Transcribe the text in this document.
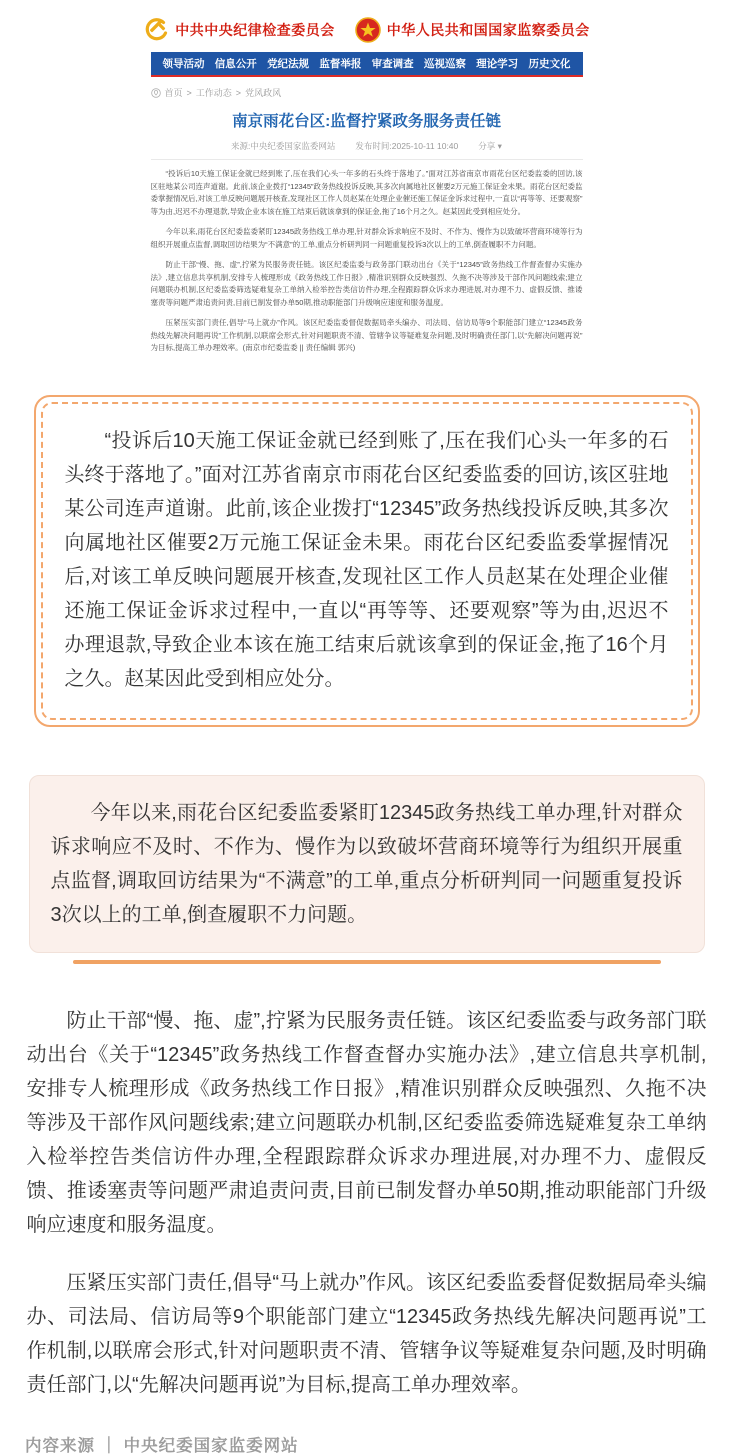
中共中央纪律检查委员会	中华人民共和国国家监察委员会
领导活动 信息公开 党纪法规 监督举报 审查调查 巡视巡察 理论学习 历史文化
首页 > 工作动态 > 党风政风
南京雨花台区:监督拧紧政务服务责任链
来源:中央纪委国家监委网站 发布时间:2025-10-11 10:40 分享 ▾

“投诉后10天施工保证金就已经到账了,压在我们心头一年多的石头终于落地了。”面对江苏省南京市雨花台区纪委监委的回访,该区驻地某公司连声道谢。此前,该企业拨打“12345”政务热线投诉反映,其多次向属地社区催要2万元施工保证金未果。雨花台区纪委监委掌握情况后,对该工单反映问题展开核查,发现社区工作人员赵某在处理企业催还施工保证金诉求过程中,一直以“再等等、还要观察”等为由,迟迟不办理退款,导致企业本该在施工结束后就该拿到的保证金,拖了16个月之久。赵某因此受到相应处分。

今年以来,雨花台区纪委监委紧盯12345政务热线工单办理,针对群众诉求响应不及时、不作为、慢作为以致破坏营商环境等行为组织开展重点监督,调取回访结果为“不满意”的工单,重点分析研判同一问题重复投诉3次以上的工单,倒查履职不力问题。

防止干部“慢、拖、虚”,拧紧为民服务责任链。该区纪委监委与政务部门联动出台《关于“12345”政务热线工作督查督办实施办法》,建立信息共享机制,安排专人梳理形成《政务热线工作日报》,精准识别群众反映强烈、久拖不决等涉及干部作风问题线索;建立问题联办机制,区纪委监委筛选疑难复杂工单纳入检举控告类信访件办理,全程跟踪群众诉求办理进展,对办理不力、虚假反馈、推诿塞责等问题严肃追责问责,目前已制发督办单50期,推动职能部门升级响应速度和服务温度。

压紧压实部门责任,倡导“马上就办”作风。该区纪委监委督促数据局牵头编办、司法局、信访局等9个职能部门建立“12345政务热线先解决问题再说”工作机制,以联席会形式,针对问题职责不清、管辖争议等疑难复杂问题,及时明确责任部门,以“先解决问题再说”为目标,提高工单办理效率。(南京市纪委监委 || 责任编辑 郭兴)

“投诉后10天施工保证金就已经到账了,压在我们心头一年多的石头终于落地了。”面对江苏省南京市雨花台区纪委监委的回访,该区驻地某公司连声道谢。此前,该企业拨打“12345”政务热线投诉反映,其多次向属地社区催要2万元施工保证金未果。雨花台区纪委监委掌握情况后,对该工单反映问题展开核查,发现社区工作人员赵某在处理企业催还施工保证金诉求过程中,一直以“再等等、还要观察”等为由,迟迟不办理退款,导致企业本该在施工结束后就该拿到的保证金,拖了16个月之久。赵某因此受到相应处分。

今年以来,雨花台区纪委监委紧盯12345政务热线工单办理,针对群众诉求响应不及时、不作为、慢作为以致破坏营商环境等行为组织开展重点监督,调取回访结果为“不满意”的工单,重点分析研判同一问题重复投诉3次以上的工单,倒查履职不力问题。

防止干部“慢、拖、虚”,拧紧为民服务责任链。该区纪委监委与政务部门联动出台《关于“12345”政务热线工作督查督办实施办法》,建立信息共享机制,安排专人梳理形成《政务热线工作日报》,精准识别群众反映强烈、久拖不决等涉及干部作风问题线索;建立问题联办机制,区纪委监委筛选疑难复杂工单纳入检举控告类信访件办理,全程跟踪群众诉求办理进展,对办理不力、虚假反馈、推诿塞责等问题严肃追责问责,目前已制发督办单50期,推动职能部门升级响应速度和服务温度。

压紧压实部门责任,倡导“马上就办”作风。该区纪委监委督促数据局牵头编办、司法局、信访局等9个职能部门建立“12345政务热线先解决问题再说”工作机制,以联席会形式,针对问题职责不清、管辖争议等疑难复杂问题,及时明确责任部门,以“先解决问题再说”为目标,提高工单办理效率。

内容来源 ｜ 中央纪委国家监委网站
